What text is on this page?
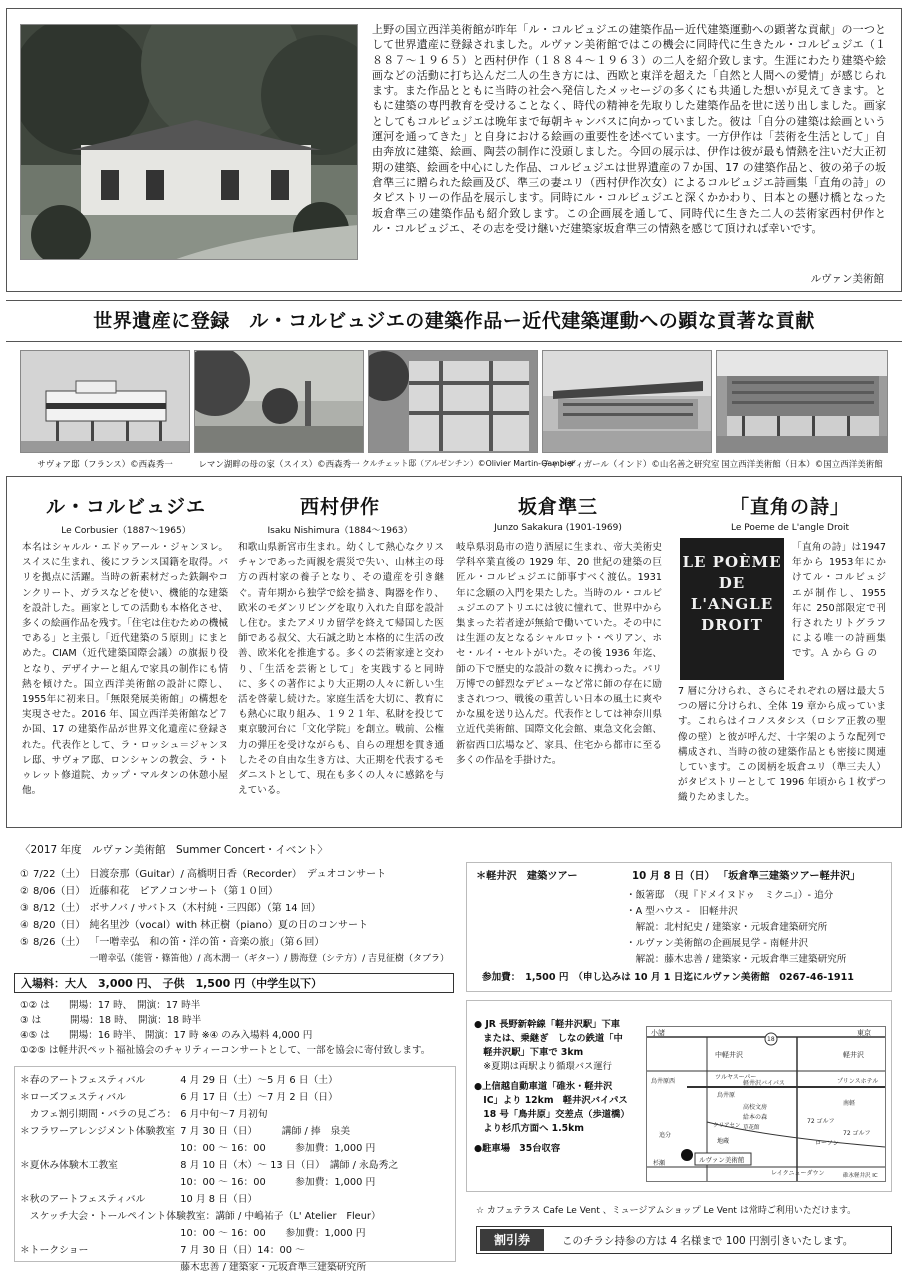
上野の国立西洋美術館が昨年「ル・コルビュジエの建築作品ー近代建築運動への顕著な貢献」の一つとして世界遺産に登録されました。ルヴァン美術館ではこの機会に同時代に生きたル・コルビュジエ（１８８７〜１９６５）と西村伊作（１８８４〜１９６３）の二人を紹介致します。生涯にわたり建築や絵画などの活動に打ち込んだ二人の生き方には、西欧と東洋を超えた「自然と人間への愛情」が感じられます。また作品とともに当時の社会へ発信したメッセージの多くにも共通した想いが見えてきます。ともに建築の専門教育を受けることなく、時代の精神を先取りした建築作品を世に送り出しました。画家としてもコルビュジエは晩年まで毎朝キャンバスに向かっていました。彼は「自分の建築は絵画という運河を通ってきた」と自身における絵画の重要性を述べています。一方伊作は「芸術を生活として」自由奔放に建築、絵画、陶芸の制作に没頭しました。今回の展示は、伊作は彼が最も情熱を注いだ大正初期の建築、絵画を中心にした作品、コルビュジエは世界遺産の７か国、17 の建築作品と、彼の弟子の坂倉準三に贈られた絵画及び、準三の妻ユリ（西村伊作次女）によるコルビュジエ詩画集「直角の詩」のタピストリーの作品を展示します。同時にル・コルビュジエと深くかかわり、日本との懸け橋となった坂倉準三の建築作品も紹介致します。この企画展を通して、同時代に生きた二人の芸術家西村伊作とル・コルビュジエ、その志を受け継いだ建築家坂倉準三の情熱を感じて頂ければ幸いです。
ルヴァン美術館
世界遺産に登録　ル・コルビュジエの建築作品ー近代建築運動への顕な貢著な貢献
サヴォア邸（フランス）©西森秀一	レマン湖畔の母の家（スイス）©西森秀一 クルチェット邸（アルゼンチン）©Olivier Martin-Gambier
チャンディガール（インド）©山名善之研究室 国立西洋美術館（日本）©国立西洋美術館
ル・コルビュジエ
Le Corbusier（1887〜1965）
本名はシャルル・エドゥアール・ジャンヌレ。スイスに生まれ、後にフランス国籍を取得。パリを拠点に活躍。当時の新素材だった鉄鋼やコンクリート、ガラスなどを使い、機能的な建築を設計した。画家としての活動も本格化させ、多くの絵画作品を残す。「住宅は住むための機械である」と主張し「近代建築の５原則」にまとめた。CIAM（近代建築国際会議）の旗振り役となり、デザイナーと組んで家具の制作にも情熱を傾けた。国立西洋美術館の設計に際し、1955年に初来日。「無限発展美術館」の構想を実現させた。2016 年、国立西洋美術館など７か国、17 の建築作品が世界文化遺産に登録された。代表作として、ラ・ロッシュ＝ジャンヌレ邸、サヴォア邸、ロンシャンの教会、ラ・トゥレット修道院、カップ・マルタンの休憩小屋他。
西村伊作
Isaku Nishimura（1884〜1963）
和歌山県新宮市生まれ。幼くして熱心なクリスチャンであった両親を震災で失い、山林主の母方の西村家の養子となり、その遺産を引き継ぐ。青年期から独学で絵を描き、陶器を作り、欧米のモダンリビングを取り入れた自邸を設計し住む。またアメリカ留学を終えて帰国した医師である叔父、大石誠之助と本格的に生活の改善、欧米化を推進する。多くの芸術家達と交わり、「生活を芸術として」を実践すると同時に、多くの著作により大正期の人々に新しい生活を啓蒙し続けた。家庭生活を大切に、教育にも熱心に取り組み、１９２１年、私財を投じて東京駿河台に「文化学院」を創立。戦前、公権力の弾圧を受けながらも、自らの理想を貫き通したその自由な生き方は、大正期を代表するモダニストとして、現在も多くの人々に感銘を与えている。
坂倉準三
Junzo Sakakura (1901-1969)
岐阜県羽島市の造り酒屋に生まれ、帝大美術史学科卒業直後の 1929 年、20 世紀の建築の巨匠ル・コルビュジエに師事すべく渡仏。1931 年に念願の入門を果たした。当時のル・コルビュジエのアトリエには彼に憧れて、世界中から集まった若者達が無給で働いていた。その中には生涯の友となるシャルロット・ペリアン、ホセ・ルイ・セルトがいた。その後 1936 年迄、師の下で歴史的な設計の数々に携わった。パリ万博での鮮烈なデビューなど常に師の存在に励まされつつ、戦後の重苦しい日本の風土に爽やかな風を送り込んだ。代表作としては神奈川県立近代美術館、国際文化会館、東急文化会館、新宿西口広場など、家具、住宅から都市に至る多くの作品を手掛けた。
「直角の詩」
Le Poeme de L'angle Droit
LE POÈME DE L'ANGLE DROIT
「直角の詩」は1947 年から 1953年にかけてル・コルビュジエが制作し、1955 年に 250部限定で刊行されたリトグラフによる唯一の詩画集です。Ａ から Ｇ の
7 層に分けられ、さらにそれぞれの層は最大５つの層に分けられ、全体 19 章から成っています。これらはイコノスタシス（ロシア正教の聖像の壁）と彼が呼んだ、十字架のような配列で構成され、当時の彼の建築作品とも密接に関連しています。この図柄を坂倉ユリ（準三夫人）がタピストリーとして 1996 年頃から１枚ずつ織りためました。
〈2017 年度　ルヴァン美術館　Summer Concert・イベント〉
①	7/22（土）	日渡奈那（Guitar）/ 高橋明日香（Recorder）　デュオコンサート
②	8/06（日）	近藤和花　ピアノコンサート（第１０回）
③	8/12（土）	ボサノバ / サバトス（木村純・三四郎）（第 14 回）
④	8/20（日）	純名里沙（vocal）with 林正樹（piano）夏の日のコンサート
⑤	8/26（土）	「一噌幸弘　和の笛・洋の笛・音楽の旅」（第６回）
		一噌幸弘（能管・篠笛他）/ 高木潤一（ギター）/ 勝海登（シテ方）/ 吉見征樹（タブラ）
入場料：大人　3,000 円、 子供　1,500 円（中学生以下）
①② は　　開場：17 時、　開演：17 時半
③ は　　　開場：18 時、　開演：18 時半
④⑤ は　　開場：16 時半、 開演：17 時 ※④ のみ入場料 4,000 円
①②⑤ は軽井沢ペット福祉協会のチャリティーコンサートとして、一部を協会に寄付致します。
＊春のアートフェスティバル	4 月 29 日（土）〜5 月 6 日（土）
＊ローズフェスティバル	6 月 17 日（土）〜7 月 2 日（日）
　カフェ割引期間・バラの見ごろ：	6 月中旬〜7 月初旬
＊フラワーアレンジメント体験教室	7 月 30 日（日）　　　講師 / 捧　泉美
	10：00 〜 16：00　　　参加費：1,000 円
＊夏休み体験木工教室	8 月 10 日（木）〜 13 日（日）　講師 / 永島秀之
	10：00 〜 16：00　　　参加費：1,000 円
＊秋のアートフェスティバル	10 月 8 日（日）
　スケッチ大会・トールペイント体験教室：講師 / 中嶋祐子（L' Atelier　Fleur）	
	10：00 〜 16：00　　参加費：1,000 円
＊トークショー	7 月 30 日（日）14：00 〜
	藤木忠善 / 建築家・元坂倉準三建築研究所
＊軽井沢　建築ツアー	10 月 8 日（日） 「坂倉準三建築ツアー軽井沢」
・飯箸邸　（現『ドメイヌドゥ　ミクニ』）- 追分
・A 型ハウス -　旧軽井沢
　解説：北村紀史 / 建築家・元坂倉建築研究所
・ルヴァン美術館の企画展見学 - 南軽井沢
　解説：藤木忠善 / 建築家・元坂倉準三建築研究所
参加費：　1,500 円　（申し込みは 10 月 1 日迄にルヴァン美術館　0267-46-1911
● JR 長野新幹線「軽井沢駅」下車
　または、乗継ぎ　しなの鉄道「中
　軽井沢駅」下車で 3km
　※夏期は両駅より循環バス運行
●上信越自動車道「碓氷・軽井沢
　IC」より 12km　軽井沢バイパス
　18 号「鳥井原」交差点（歩道橋）
　より杉爪方面へ 1.5km
●駐車場　35台収容
小諸	東京
18
中軽井沢	軽井沢
ツルヤスーパー
鳥井原西
鳥井原
軽井沢バイパス	プリンスホテル
南軽
高校文房
給本の森
72 ゴルフ
72 ゴルフ
ローソン
追分
地蔵
ルヴァン美術館
杉瀬
レイクニューダウン	碓氷軽井沢 IC
クリアセン 草花館
☆ カフェテラス Cafe Le Vent 、ミュージアムショップ Le Vent は常時ご利用いただけます。
割引券	このチラシ持参の方は 4 名様まで 100 円割引きいたします。
